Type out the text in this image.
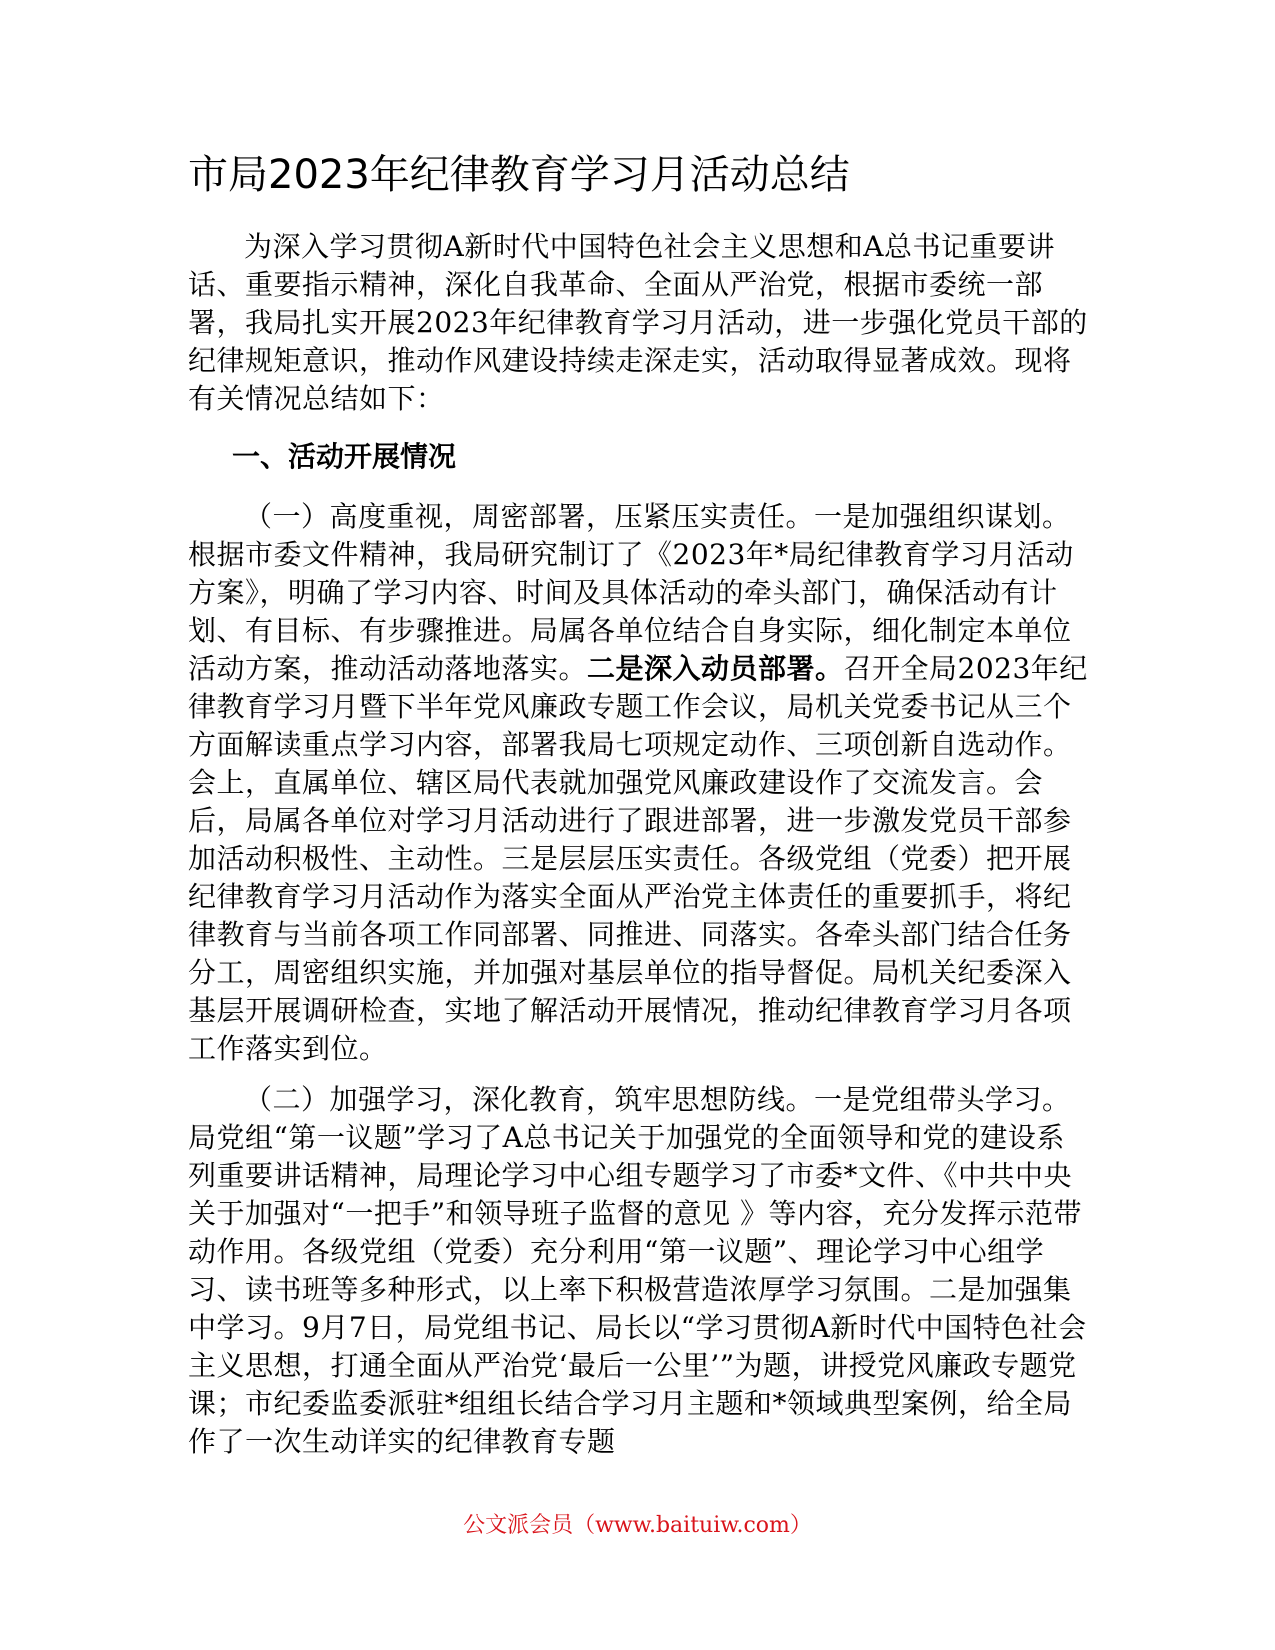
市局2023年纪律教育学习月活动总结

为深入学习贯彻A新时代中国特色社会主义思想和A总书记重要讲话、重要指示精神，深化自我革命、全面从严治党，根据市委统一部署，我局扎实开展2023年纪律教育学习月活动，进一步强化党员干部的纪律规矩意识，推动作风建设持续走深走实，活动取得显著成效。现将有关情况总结如下：

一、活动开展情况

（一）高度重视，周密部署，压紧压实责任。一是加强组织谋划。根据市委文件精神，我局研究制订了《2023年*局纪律教育学习月活动方案》，明确了学习内容、时间及具体活动的牵头部门，确保活动有计划、有目标、有步骤推进。局属各单位结合自身实际，细化制定本单位活动方案，推动活动落地落实。二是深入动员部署。召开全局2023年纪律教育学习月暨下半年党风廉政专题工作会议，局机关党委书记从三个方面解读重点学习内容，部署我局七项规定动作、三项创新自选动作。会上，直属单位、辖区局代表就加强党风廉政建设作了交流发言。会后，局属各单位对学习月活动进行了跟进部署，进一步激发党员干部参加活动积极性、主动性。三是层层压实责任。各级党组（党委）把开展纪律教育学习月活动作为落实全面从严治党主体责任的重要抓手，将纪律教育与当前各项工作同部署、同推进、同落实。各牵头部门结合任务分工，周密组织实施，并加强对基层单位的指导督促。局机关纪委深入基层开展调研检查，实地了解活动开展情况，推动纪律教育学习月各项工作落实到位。

（二）加强学习，深化教育，筑牢思想防线。一是党组带头学习。局党组“第一议题”学习了A总书记关于加强党的全面领导和党的建设系列重要讲话精神，局理论学习中心组专题学习了市委*文件、《中共中央关于加强对“一把手”和领导班子监督的意见 》等内容，充分发挥示范带动作用。各级党组（党委）充分利用“第一议题”、理论学习中心组学习、读书班等多种形式，以上率下积极营造浓厚学习氛围。二是加强集中学习。9月7日，局党组书记、局长以“学习贯彻A新时代中国特色社会主义思想，打通全面从严治党‘最后一公里’”为题，讲授党风廉政专题党课；市纪委监委派驻*组组长结合学习月主题和*领域典型案例，给全局作了一次生动详实的纪律教育专题

公文派会员（www.baituiw.com）
